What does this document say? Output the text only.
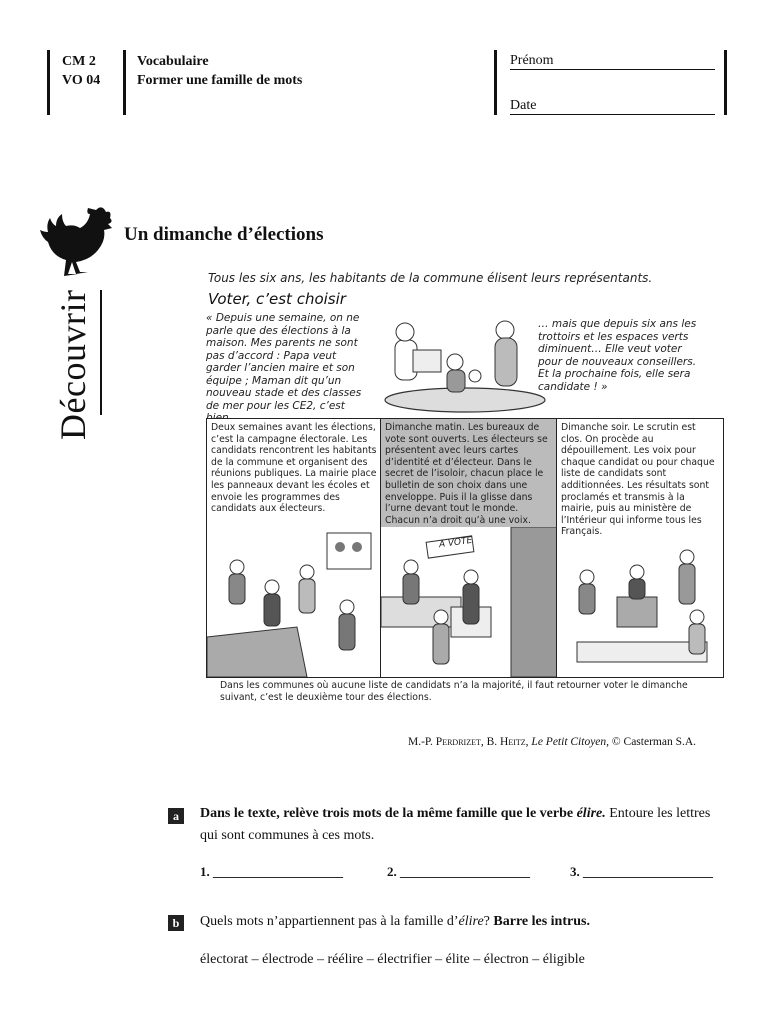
CM 2
VO 04
Vocabulaire
Former une famille de mots
Prénom
Date
Découvrir
Un dimanche d’élections
Tous les six ans, les habitants de la commune élisent leurs représentants.
Voter, c’est choisir
« Depuis une semaine, on ne parle que des élections à la maison. Mes parents ne sont pas d’accord : Papa veut garder l’ancien maire et son équipe ; Maman dit qu’un nouveau stade et des classes de mer pour les CE2, c’est
… mais que depuis six ans les trottoirs et les espaces verts diminuent… Elle veut voter pour de nouveaux conseillers. Et la prochaine fois, elle sera candidate ! »
Deux semaines avant les élections, c’est la campagne électorale. Les candidats rencontrent les habitants de la commune et organisent des réunions publiques. La mairie place les panneaux devant les écoles et envoie les programmes des candidats aux électeurs.
Dimanche matin. Les bureaux de vote sont ouverts. Les électeurs se présentent avec leurs cartes d’identité et d’électeur. Dans le secret de l’isoloir, chacun place le bulletin de son choix dans une enveloppe. Puis il la glisse dans l’urne devant tout le monde. Chacun n’a droit qu’à une voix.
A VOTE
Dimanche soir. Le scrutin est clos. On procède au dépouillement. Les voix pour chaque candidat ou pour chaque liste de candidats sont additionnées. Les résultats sont proclamés et transmis à la mairie, puis au ministère de l’Intérieur qui informe tous les Français.
Dans les communes où aucune liste de candidats n’a la majorité, il faut retourner voter le dimanche suivant, c’est le deuxième tour des élections.
M.-P. Perdrizet, B. Heitz, Le Petit Citoyen, © Casterman S.A.
a	Dans le texte, relève trois mots de la même famille que le verbe élire. Entoure les lettres qui sont communes à ces mots.
1. ____________________	2. ____________________	3. ____________________
b	Quels mots n’appartiennent pas à la famille d’élire? Barre les intrus.
électorat – électrode – réélire – électrifier – élite – électron – éligible
